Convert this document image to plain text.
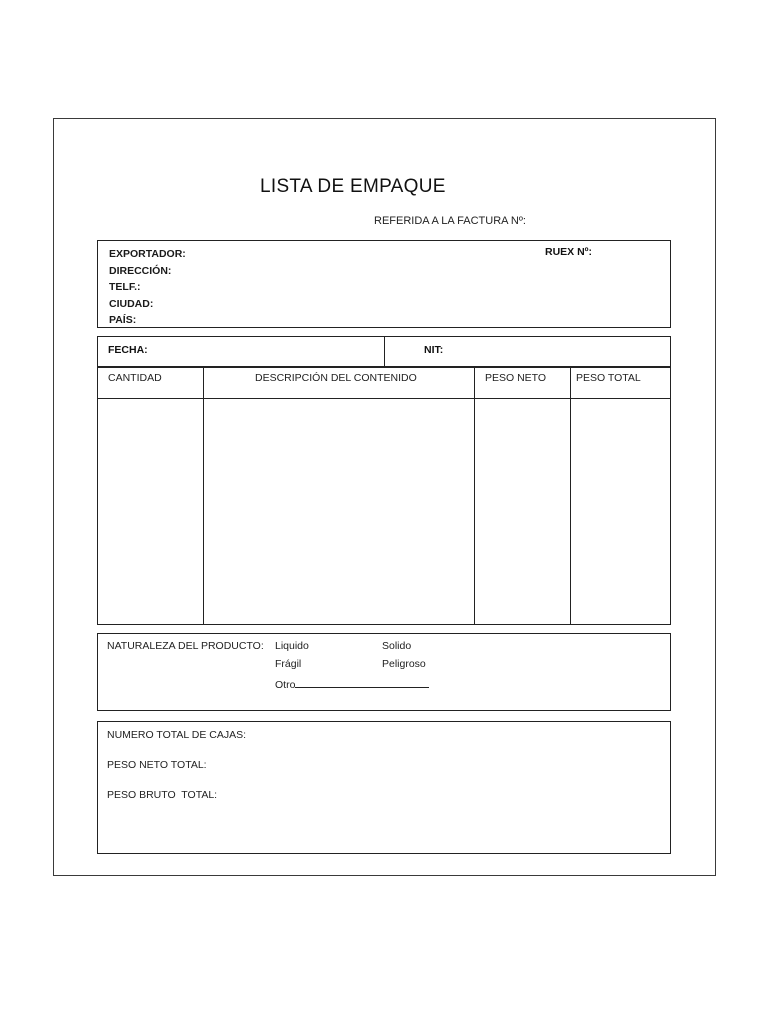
LISTA DE EMPAQUE
REFERIDA A LA FACTURA Nº:
EXPORTADOR:
DIRECCIÓN:
TELF.:
CIUDAD:
PAÍS:
RUEX Nº:
FECHA:	NIT:
CANTIDAD	DESCRIPCIÓN DEL CONTENIDO	PESO NETO	PESO TOTAL
NATURALEZA DEL PRODUCTO: Liquido	Solido
Frágil	Peligroso
Otro
NUMERO TOTAL DE CAJAS:
PESO NETO TOTAL:
PESO BRUTO  TOTAL:
